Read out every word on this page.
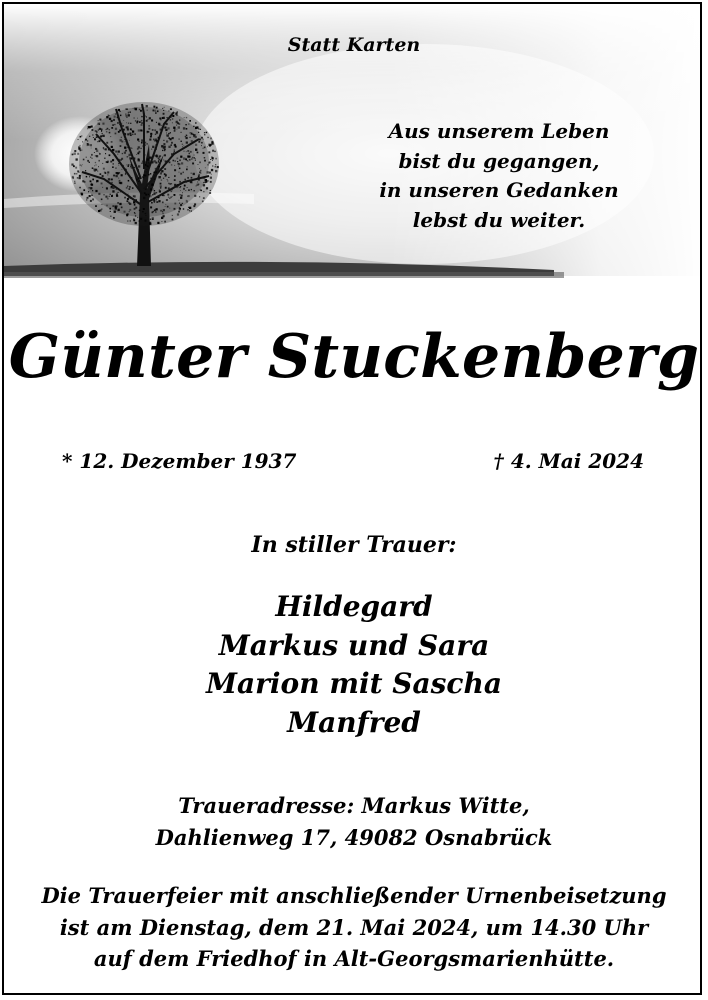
Statt Karten
Aus unserem Leben
bist du gegangen,
in unseren Gedanken
lebst du weiter.
Günter Stuckenberg
* 12. Dezember 1937	† 4. Mai 2024
In stiller Trauer:
Hildegard
Markus und Sara
Marion mit Sascha
Manfred
Traueradresse: Markus Witte,
Dahlienweg 17, 49082 Osnabrück
Die Trauerfeier mit anschließender Urnenbeisetzung
ist am Dienstag, dem 21. Mai 2024, um 14.30 Uhr
auf dem Friedhof in Alt-Georgsmarienhütte.
